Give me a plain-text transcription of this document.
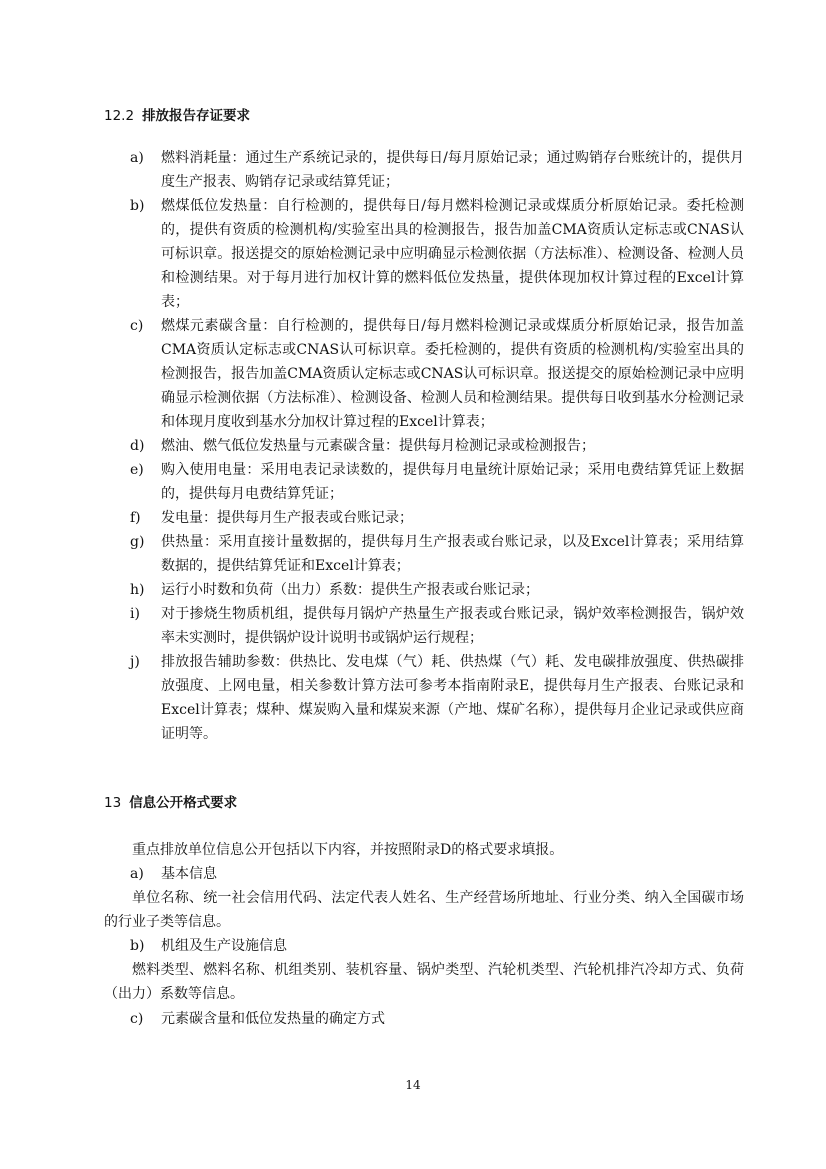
12.2 排放报告存证要求
a) 燃料消耗量：通过生产系统记录的，提供每日/每月原始记录；通过购销存台账统计的，提供月度生产报表、购销存记录或结算凭证；
b) 燃煤低位发热量：自行检测的，提供每日/每月燃料检测记录或煤质分析原始记录。委托检测的，提供有资质的检测机构/实验室出具的检测报告，报告加盖CMA资质认定标志或CNAS认可标识章。报送提交的原始检测记录中应明确显示检测依据（方法标准）、检测设备、检测人员和检测结果。对于每月进行加权计算的燃料低位发热量，提供体现加权计算过程的Excel计算表；
c) 燃煤元素碳含量：自行检测的，提供每日/每月燃料检测记录或煤质分析原始记录，报告加盖CMA资质认定标志或CNAS认可标识章。委托检测的，提供有资质的检测机构/实验室出具的检测报告，报告加盖CMA资质认定标志或CNAS认可标识章。报送提交的原始检测记录中应明确显示检测依据（方法标准）、检测设备、检测人员和检测结果。提供每日收到基水分检测记录和体现月度收到基水分加权计算过程的Excel计算表；
d) 燃油、燃气低位发热量与元素碳含量：提供每月检测记录或检测报告；
e) 购入使用电量：采用电表记录读数的，提供每月电量统计原始记录；采用电费结算凭证上数据的，提供每月电费结算凭证；
f) 发电量：提供每月生产报表或台账记录；
g) 供热量：采用直接计量数据的，提供每月生产报表或台账记录，以及Excel计算表；采用结算数据的，提供结算凭证和Excel计算表；
h) 运行小时数和负荷（出力）系数：提供生产报表或台账记录；
i) 对于掺烧生物质机组，提供每月锅炉产热量生产报表或台账记录，锅炉效率检测报告，锅炉效率未实测时，提供锅炉设计说明书或锅炉运行规程；
j) 排放报告辅助参数：供热比、发电煤（气）耗、供热煤（气）耗、发电碳排放强度、供热碳排放强度、上网电量，相关参数计算方法可参考本指南附录E，提供每月生产报表、台账记录和Excel计算表；煤种、煤炭购入量和煤炭来源（产地、煤矿名称），提供每月企业记录或供应商证明等。
13 信息公开格式要求
重点排放单位信息公开包括以下内容，并按照附录D的格式要求填报。
a) 基本信息
单位名称、统一社会信用代码、法定代表人姓名、生产经营场所地址、行业分类、纳入全国碳市场的行业子类等信息。
b) 机组及生产设施信息
燃料类型、燃料名称、机组类别、装机容量、锅炉类型、汽轮机类型、汽轮机排汽冷却方式、负荷（出力）系数等信息。
c) 元素碳含量和低位发热量的确定方式
14
